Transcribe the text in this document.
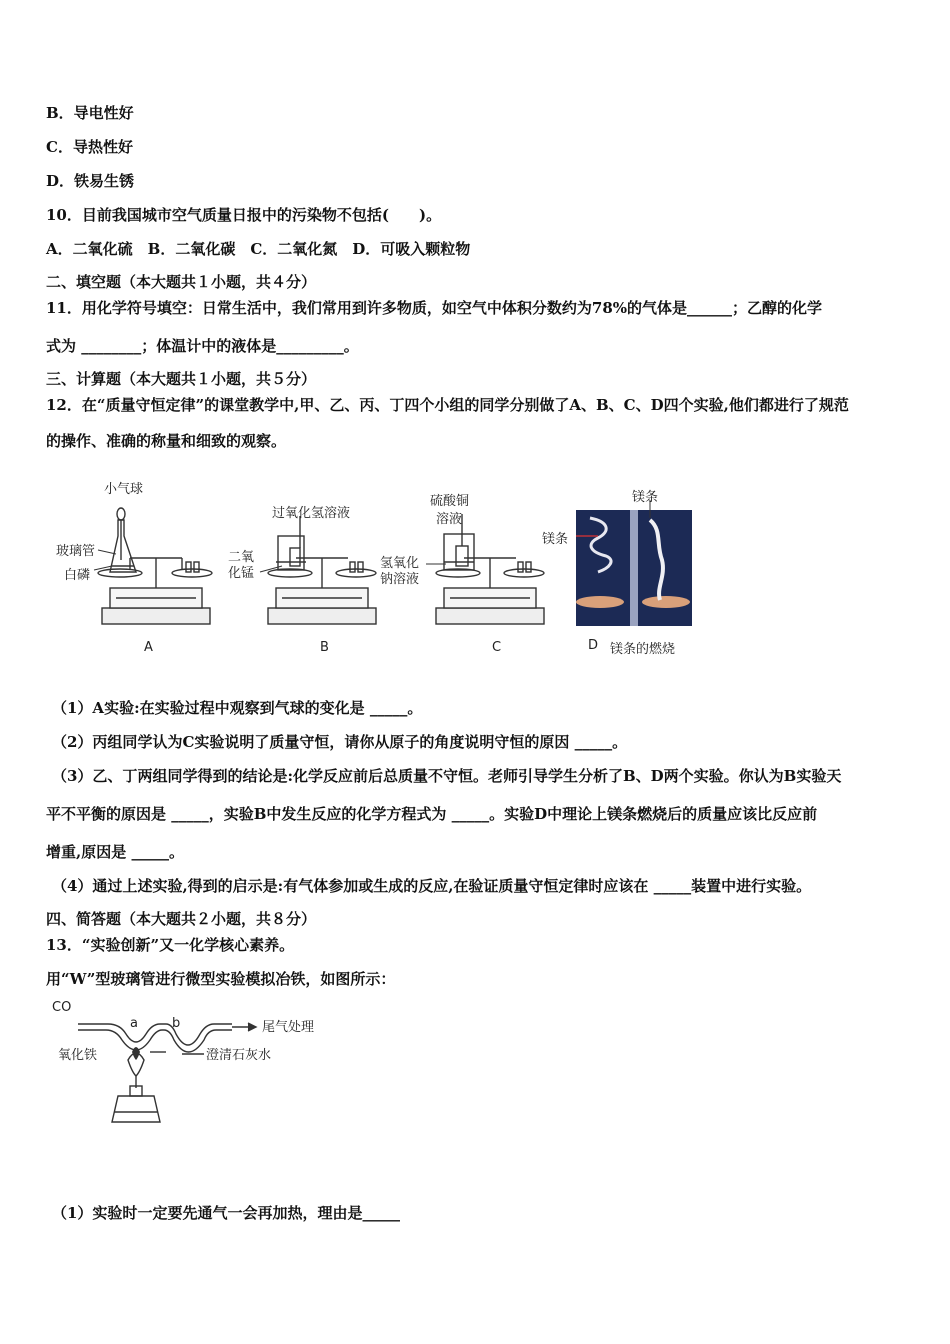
B．导电性好
C．导热性好
D．铁易生锈
10．目前我国城市空气质量日报中的污染物不包括(　　)。
A．二氧化硫　B．二氧化碳　C．二氧化氮　D．可吸入颗粒物
二、填空题（本大题共１小题，共４分）
11．用化学符号填空：日常生活中，我们常用到许多物质，如空气中体积分数约为78%的气体是______；乙醇的化学
式为 ________；体温计中的液体是_________。
三、计算题（本大题共１小题，共５分）
12．在“质量守恒定律”的课堂教学中,甲、乙、丙、丁四个小组的同学分别做了A、B、C、D四个实验,他们都进行了规范
的操作、准确的称量和细致的观察。
小气球
玻璃管
白磷
A
过氧化氢溶液
二氧
化锰
B
硫酸铜
溶液
氢氧化
钠溶液
C
镁条
镁条
D 镁条的燃烧
（1）A实验:在实验过程中观察到气球的变化是 _____。
（2）丙组同学认为C实验说明了质量守恒，请你从原子的角度说明守恒的原因 _____。
（3）乙、丁两组同学得到的结论是:化学反应前后总质量不守恒。老师引导学生分析了B、D两个实验。你认为B实验天
平不平衡的原因是 _____，实验B中发生反应的化学方程式为 _____。实验D中理论上镁条燃烧后的质量应该比反应前
增重,原因是 _____。
（4）通过上述实验,得到的启示是:有气体参加或生成的反应,在验证质量守恒定律时应该在 _____装置中进行实验。
四、简答题（本大题共２小题，共８分）
13．“实验创新”又一化学核心素养。
用“W”型玻璃管进行微型实验模拟冶铁，如图所示：
CO
a	b	尾气处理
氧化铁	澄清石灰水
（1）实验时一定要先通气一会再加热，理由是_____
